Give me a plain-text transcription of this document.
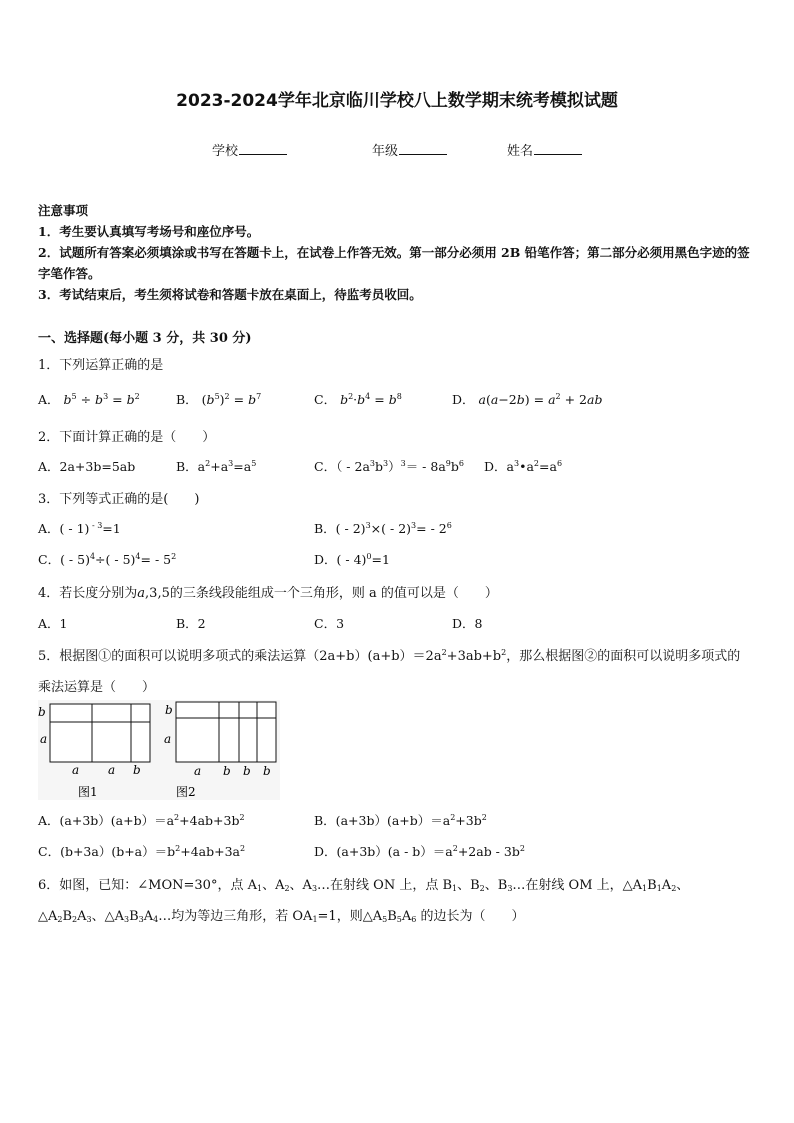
2023-2024学年北京临川学校八上数学期末统考模拟试题
学校	年级	姓名
注意事项
1．考生要认真填写考场号和座位序号。
2．试题所有答案必须填涂或书写在答题卡上，在试卷上作答无效。第一部分必须用 2B 铅笔作答；第二部分必须用黑色字迹的签字笔作答。
3．考试结束后，考生须将试卷和答题卡放在桌面上，待监考员收回。
一、选择题(每小题 3 分，共 30 分)
1．下列运算正确的是
A． $b^5 \div b^3 = b^2$	B． $(b^5)^2 = b^7$	C． $b^2\cdot b^4 = b^8$	D． $a(a-2b) = a^2 + 2ab$
2．下面计算正确的是（　　）
A．2a+3b=5ab	B．$a^2+a^3=a^5$	C．（ - $2a^3b^3)^3= - 8a^9b^6$ D．$a^3•a^2=a^6$
3．下列等式正确的是(　　)
A．( - 1) $^{- 3}$=1	B．( - $2)^3\times( - 2)^3= - 2^6$
C．( - $5)^4\div( - 5)^4= - 5^2$	D．( - 4)$^0$=1
4．若长度分别为a,3,5的三条线段能组成一个三角形，则 a 的值可以是（　　）
A．1	B．2	C．3	D．8
5．根据图①的面积可以说明多项式的乘法运算$(2a+b)(a+b)=2a^2+3ab+b^2$，那么根据图②的面积可以说明多项式的
乘法运算是（　　）
b
a
a a b
图1
b
a
a b b b
图2
A．$(a+3b)(a+b)=a^2+4ab+3b^2$	B．$(a+3b)(a+b)=a^2+3b^2$
C．$(b+3a)(b+a)=b^2+4ab+3a^2$	D．$(a+3b)(a - b)=a^2+2ab - 3b^2$
6．如图，已知：∠MON=30°，点 $A_1$、$A_2$、$A_3\dots$在射线 ON 上，点 $B_1$、$B_2$、$B_3\dots$在射线 OM 上，$\triangle A_1B_1A_2$、
$\triangle A_2B_2A_3$、$\triangle A_3B_3A_4\dots$均为等边三角形，若 $OA_1=1$，则$\triangle A_5B_5A_6$ 的边长为（　　）
